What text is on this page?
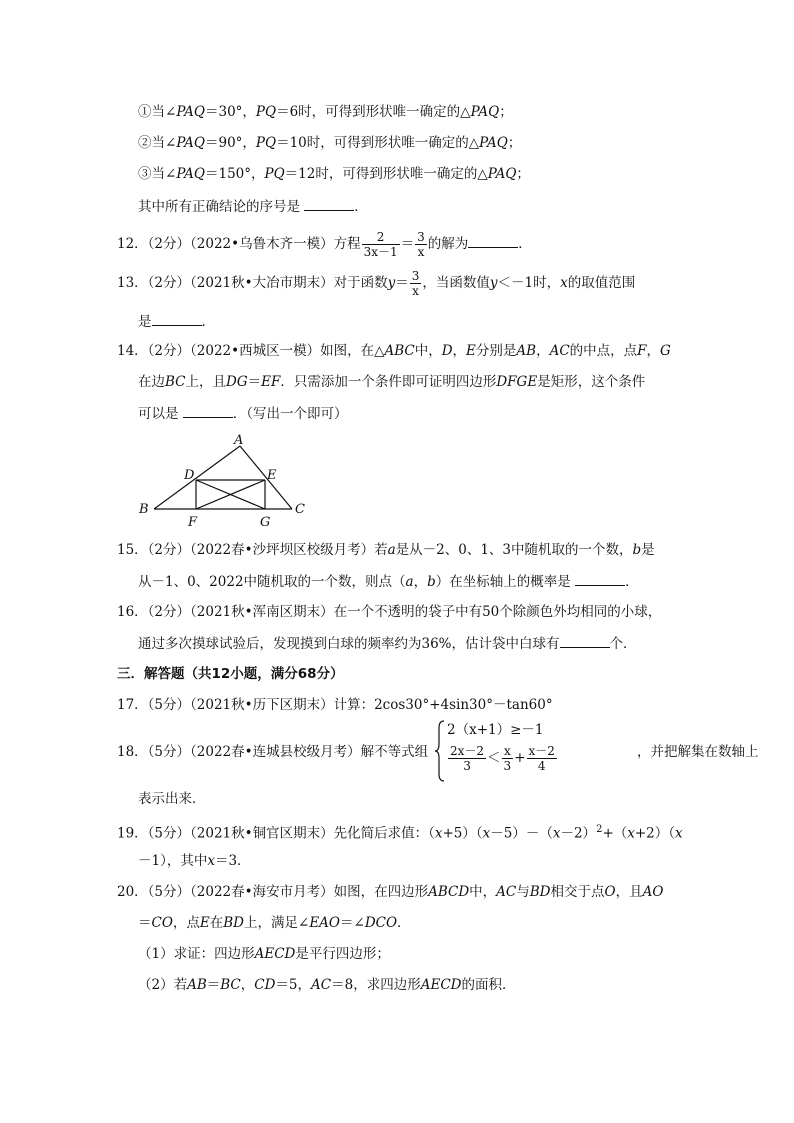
①当∠PAQ＝30°，PQ＝6时，可得到形状唯一确定的△PAQ；
②当∠PAQ＝90°，PQ＝10时，可得到形状唯一确定的△PAQ；
③当∠PAQ＝150°，PQ＝12时，可得到形状唯一确定的△PAQ；
其中所有正确结论的序号是	．
12．（2分）（2022•乌鲁木齐一模）方程 $\frac{2}{3x-1} = \frac{3}{x}$ 的解为	．
13．（2分）（2021秋•大冶市期末）对于函数$y= \frac{3}{x}$ ，当函数值y＜－1时，x的取值范围
是	．
14．（2分）（2022•西城区一模）如图，在△ABC中，D，E分别是AB，AC的中点，点F，G
在边BC上，且DG＝EF．只需添加一个条件即可证明四边形DFGE是矩形，这个条件
可以是	．（写出一个即可）
A
B	C
D	E
F	G
15．（2分）（2022春•沙坪坝区校级月考）若a是从－2、0、1、3中随机取的一个数，b是
从－1、0、2022中随机取的一个数，则点（a，b）在坐标轴上的概率是	．
16．（2分）（2021秋•浑南区期末）在一个不透明的袋子中有50个除颜色外均相同的小球，
通过多次摸球试验后，发现摸到白球的频率约为36%，估计袋中白球有	个．
三．解答题（共12小题，满分68分）
17．（5分）（2021秋•历下区期末）计算：2cos30°+4sin30°－tan60°
18．（5分）（2022春•连城县校级月考）解不等式组
2（x+1）≥－1
$\frac{2x-2}{3} < \frac{x}{3} + \frac{x-2}{4}$	，并把解集在数轴上
表示出来．
19．（5分）（2021秋•铜官区期末）先化简后求值：$(x+5)(x-5)-(x-2)^2+(x+2)(x$
－1），其中x＝3．
20．（5分）（2022春•海安市月考）如图，在四边形ABCD中，AC与BD相交于点O，且AO
＝CO，点E在BD上，满足∠EAO＝∠DCO．
（1）求证：四边形AECD是平行四边形；
（2）若AB＝BC，CD＝5，AC＝8，求四边形AECD的面积．
